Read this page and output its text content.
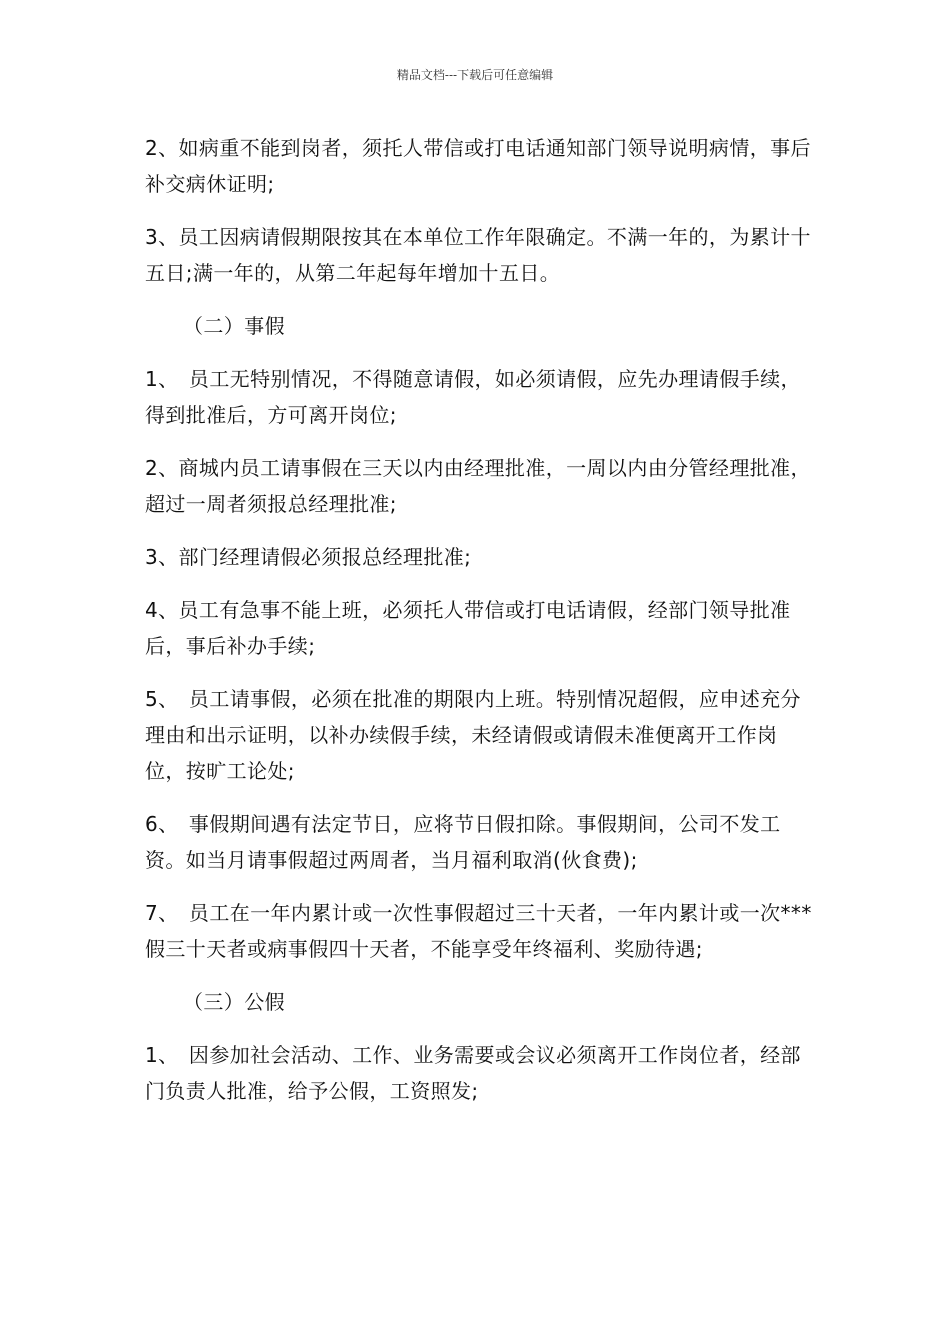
精品文档---下载后可任意编辑

2、如病重不能到岗者，须托人带信或打电话通知部门领导说明病情，事后补交病休证明;

3、员工因病请假期限按其在本单位工作年限确定。不满一年的，为累计十五日;满一年的，从第二年起每年增加十五日。

（二）事假

1、　员工无特别情况，不得随意请假，如必须请假，应先办理请假手续，得到批准后，方可离开岗位;

2、商城内员工请事假在三天以内由经理批准，一周以内由分管经理批准，超过一周者须报总经理批准;

3、部门经理请假必须报总经理批准;

4、员工有急事不能上班，必须托人带信或打电话请假，经部门领导批准后，事后补办手续;

5、　员工请事假，必须在批准的期限内上班。特别情况超假，应申述充分理由和出示证明，以补办续假手续，未经请假或请假未准便离开工作岗位，按旷工论处;

6、　事假期间遇有法定节日，应将节日假扣除。事假期间，公司不发工资。如当月请事假超过两周者，当月福利取消(伙食费);

7、　员工在一年内累计或一次性事假超过三十天者，一年内累计或一次***假三十天者或病事假四十天者，不能享受年终福利、奖励待遇;

（三）公假

1、　因参加社会活动、工作、业务需要或会议必须离开工作岗位者，经部门负责人批准，给予公假，工资照发;
